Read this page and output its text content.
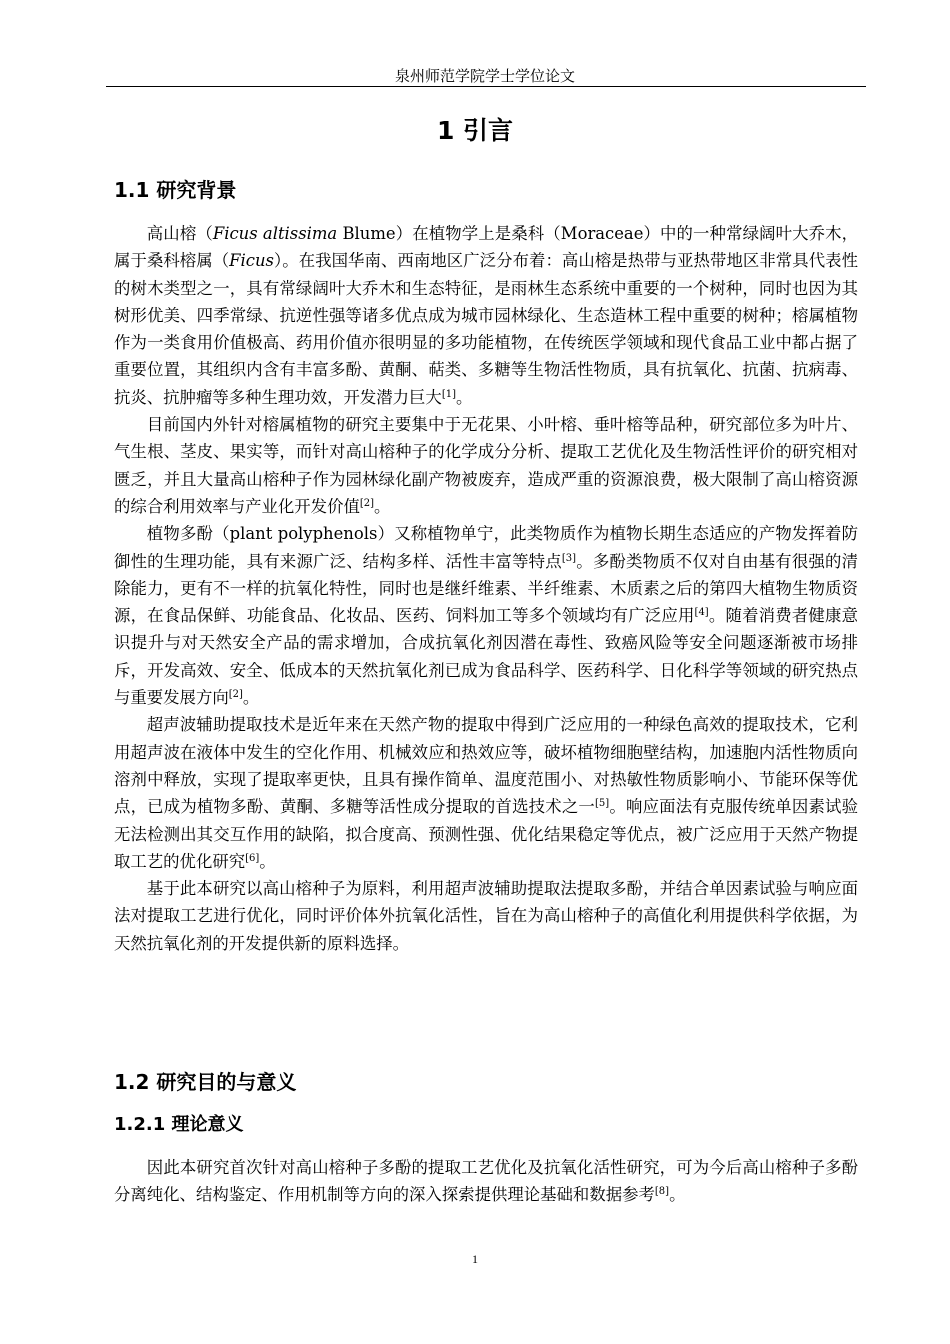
泉州师范学院学士学位论文
1 引言
1.1 研究背景

高山榕（Ficus altissima Blume）在植物学上是桑科（Moraceae）中的一种常绿阔叶大乔木，属于桑科榕属（Ficus）。在我国华南、西南地区广泛分布着：高山榕是热带与亚热带地区非常具代表性的树木类型之一，具有常绿阔叶大乔木和生态特征，是雨林生态系统中重要的一个树种，同时也因为其树形优美、四季常绿、抗逆性强等诸多优点成为城市园林绿化、生态造林工程中重要的树种；榕属植物作为一类食用价值极高、药用价值亦很明显的多功能植物，在传统医学领域和现代食品工业中都占据了重要位置，其组织内含有丰富多酚、黄酮、萜类、多糖等生物活性物质，具有抗氧化、抗菌、抗病毒、抗炎、抗肿瘤等多种生理功效，开发潜力巨大[1]。

目前国内外针对榕属植物的研究主要集中于无花果、小叶榕、垂叶榕等品种，研究部位多为叶片、气生根、茎皮、果实等，而针对高山榕种子的化学成分分析、提取工艺优化及生物活性评价的研究相对匮乏，并且大量高山榕种子作为园林绿化副产物被废弃，造成严重的资源浪费，极大限制了高山榕资源的综合利用效率与产业化开发价值[2]。

植物多酚（plant polyphenols）又称植物单宁，此类物质作为植物长期生态适应的产物发挥着防御性的生理功能，具有来源广泛、结构多样、活性丰富等特点[3]。多酚类物质不仅对自由基有很强的清除能力，更有不一样的抗氧化特性，同时也是继纤维素、半纤维素、木质素之后的第四大植物生物质资源，在食品保鲜、功能食品、化妆品、医药、饲料加工等多个领域均有广泛应用[4]。随着消费者健康意识提升与对天然安全产品的需求增加，合成抗氧化剂因潜在毒性、致癌风险等安全问题逐渐被市场排斥，开发高效、安全、低成本的天然抗氧化剂已成为食品科学、医药科学、日化科学等领域的研究热点与重要发展方向[2]。

超声波辅助提取技术是近年来在天然产物的提取中得到广泛应用的一种绿色高效的提取技术，它利用超声波在液体中发生的空化作用、机械效应和热效应等，破坏植物细胞壁结构，加速胞内活性物质向溶剂中释放，实现了提取率更快，且具有操作简单、温度范围小、对热敏性物质影响小、节能环保等优点，已成为植物多酚、黄酮、多糖等活性成分提取的首选技术之一[5]。响应面法有克服传统单因素试验无法检测出其交互作用的缺陷，拟合度高、预测性强、优化结果稳定等优点，被广泛应用于天然产物提取工艺的优化研究[6]。

基于此本研究以高山榕种子为原料，利用超声波辅助提取法提取多酚，并结合单因素试验与响应面法对提取工艺进行优化，同时评价体外抗氧化活性，旨在为高山榕种子的高值化利用提供科学依据，为天然抗氧化剂的开发提供新的原料选择。

1.2 研究目的与意义
1.2.1 理论意义

因此本研究首次针对高山榕种子多酚的提取工艺优化及抗氧化活性研究，可为今后高山榕种子多酚分离纯化、结构鉴定、作用机制等方向的深入探索提供理论基础和数据参考[8]。

1
